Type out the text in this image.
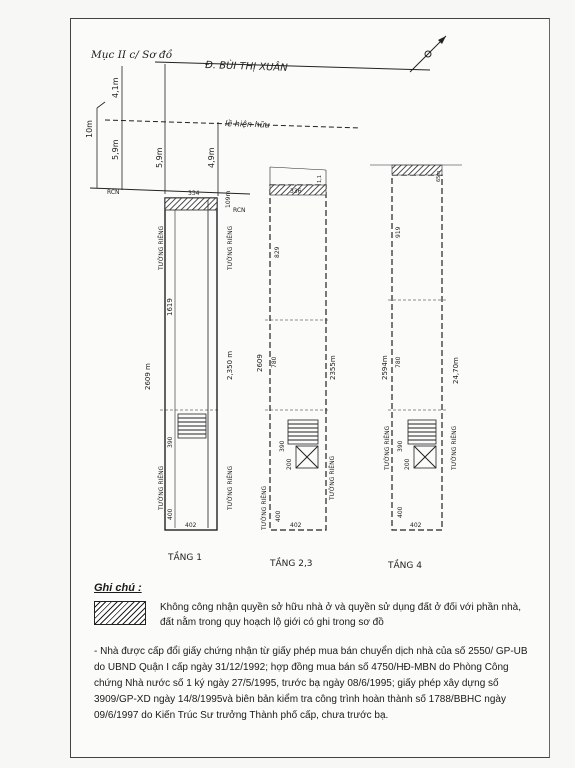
Mục II c/ Sơ đồ
Đ. BÙI THỊ XUÂN
lề hiện hữu
10m
4,1m
5,9m	5,9m	4,9m
RCN
RCN
334	109m
TƯỜNG RIÊNG	TƯỜNG RIÊNG
1619
2609 m	2,350 m
390
TƯỜNG RIÊNG	TƯỜNG RIÊNG
400
402
TẦNG 1
336
1,1
829
2609 780	2355m
390
200
TƯỜNG RIÊNG
TƯỜNG RIÊNG
400
402
TẦNG 2,3
65m
919
2594m 780	24,70m
390
200
TƯỜNG RIÊNG	TƯỜNG RIÊNG
400
402
TẦNG 4
Ghi chú :
Không công nhận quyền sở hữu nhà ở và quyền sử dụng đất ở đối với phần nhà, đất nằm trong quy hoạch lộ giới có ghi trong sơ đồ
- Nhà được cấp đổi giấy chứng nhận từ giấy phép mua bán chuyển dịch nhà của số 2550/ GP-UB do UBND Quận I cấp ngày 31/12/1992; hợp đồng mua bán số 4750/HĐ-MBN do Phòng Công chứng Nhà nước số 1 ký ngày 27/5/1995, trước bạ ngày 08/6/1995; giấy phép xây dựng số 3909/GP-XD ngày 14/8/1995và biên bản kiểm tra công trình hoàn thành số 1788/BBHC ngày 09/6/1997 do Kiến Trúc Sư trưởng Thành phố cấp, chưa trước bạ.
